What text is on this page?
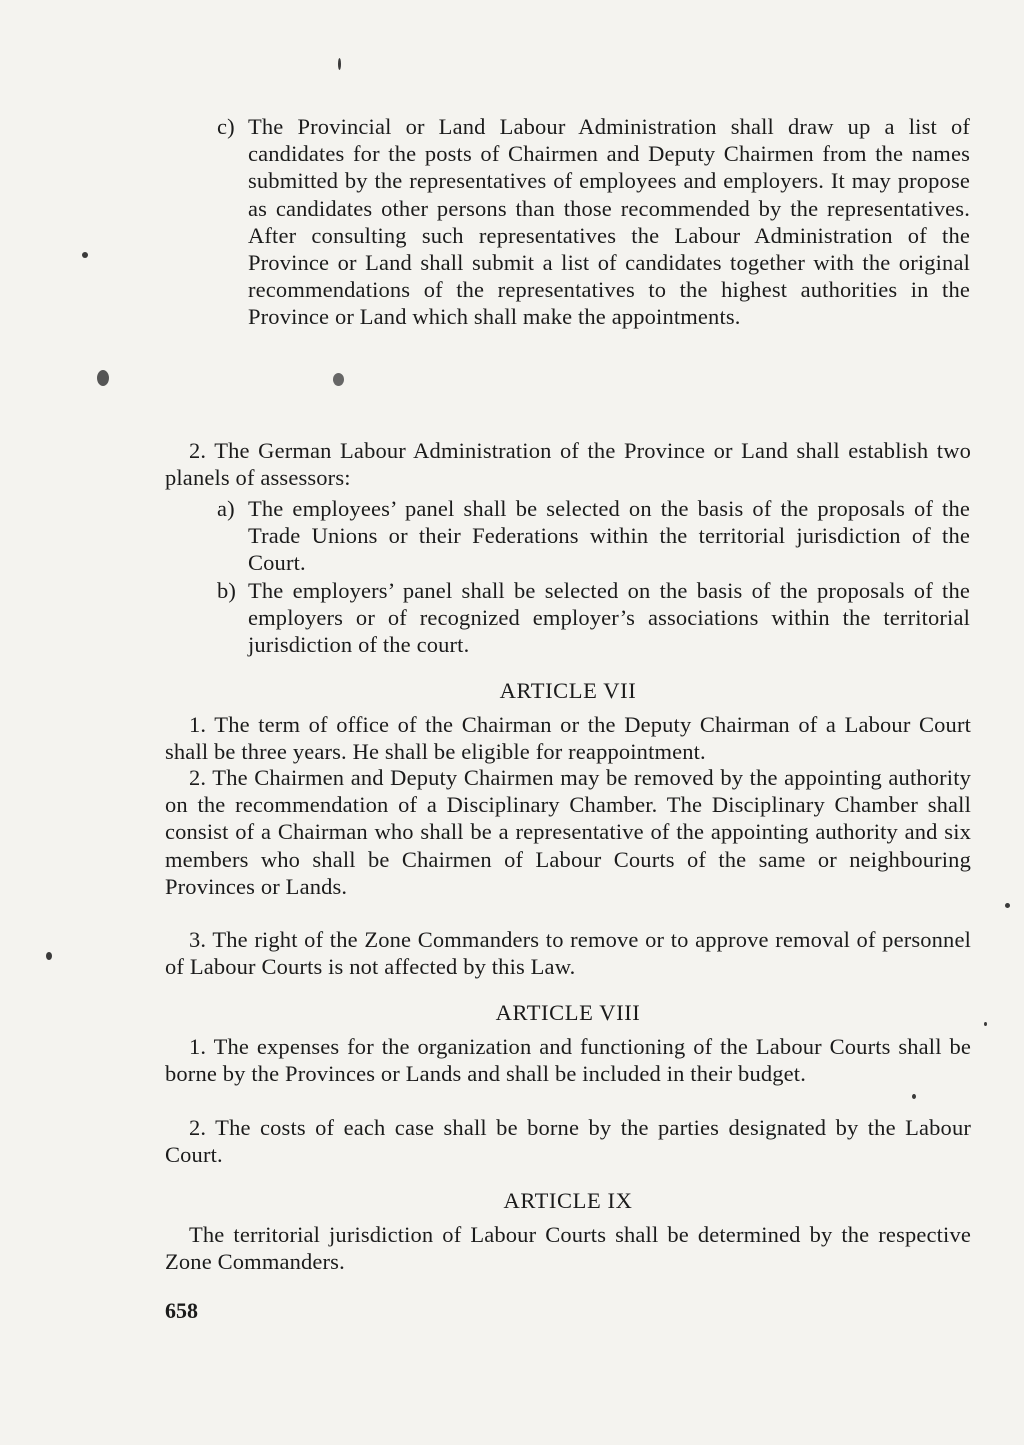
c) The Provincial or Land Labour Administration shall draw up a list of candidates for the posts of Chairmen and Deputy Chairmen from the names submitted by the representatives of employees and employers. It may propose as candidates other persons than those recommended by the representatives. After consulting such representatives the Labour Administration of the Province or Land shall submit a list of candidates together with the original recommendations of the representatives to the highest authorities in the Province or Land which shall make the appointments.
2. The German Labour Administration of the Province or Land shall establish two planels of assessors:
a) The employees’ panel shall be selected on the basis of the proposals of the Trade Unions or their Federations within the territorial jurisdiction of the Court.
b) The employers’ panel shall be selected on the basis of the proposals of the employers or of recognized employer’s associations within the territorial jurisdiction of the court.
ARTICLE VII
1. The term of office of the Chairman or the Deputy Chairman of a Labour Court shall be three years. He shall be eligible for reappointment.
2. The Chairmen and Deputy Chairmen may be removed by the appointing authority on the recommendation of a Disciplinary Chamber. The Disciplinary Chamber shall consist of a Chairman who shall be a representative of the appointing authority and six members who shall be Chairmen of Labour Courts of the same or neighbouring Provinces or Lands.
3. The right of the Zone Commanders to remove or to approve removal of personnel of Labour Courts is not affected by this Law.
ARTICLE VIII
1. The expenses for the organization and functioning of the Labour Courts shall be borne by the Provinces or Lands and shall be included in their budget.
2. The costs of each case shall be borne by the parties designated by the Labour Court.
ARTICLE IX
The territorial jurisdiction of Labour Courts shall be determined by the respective Zone Commanders.
658
